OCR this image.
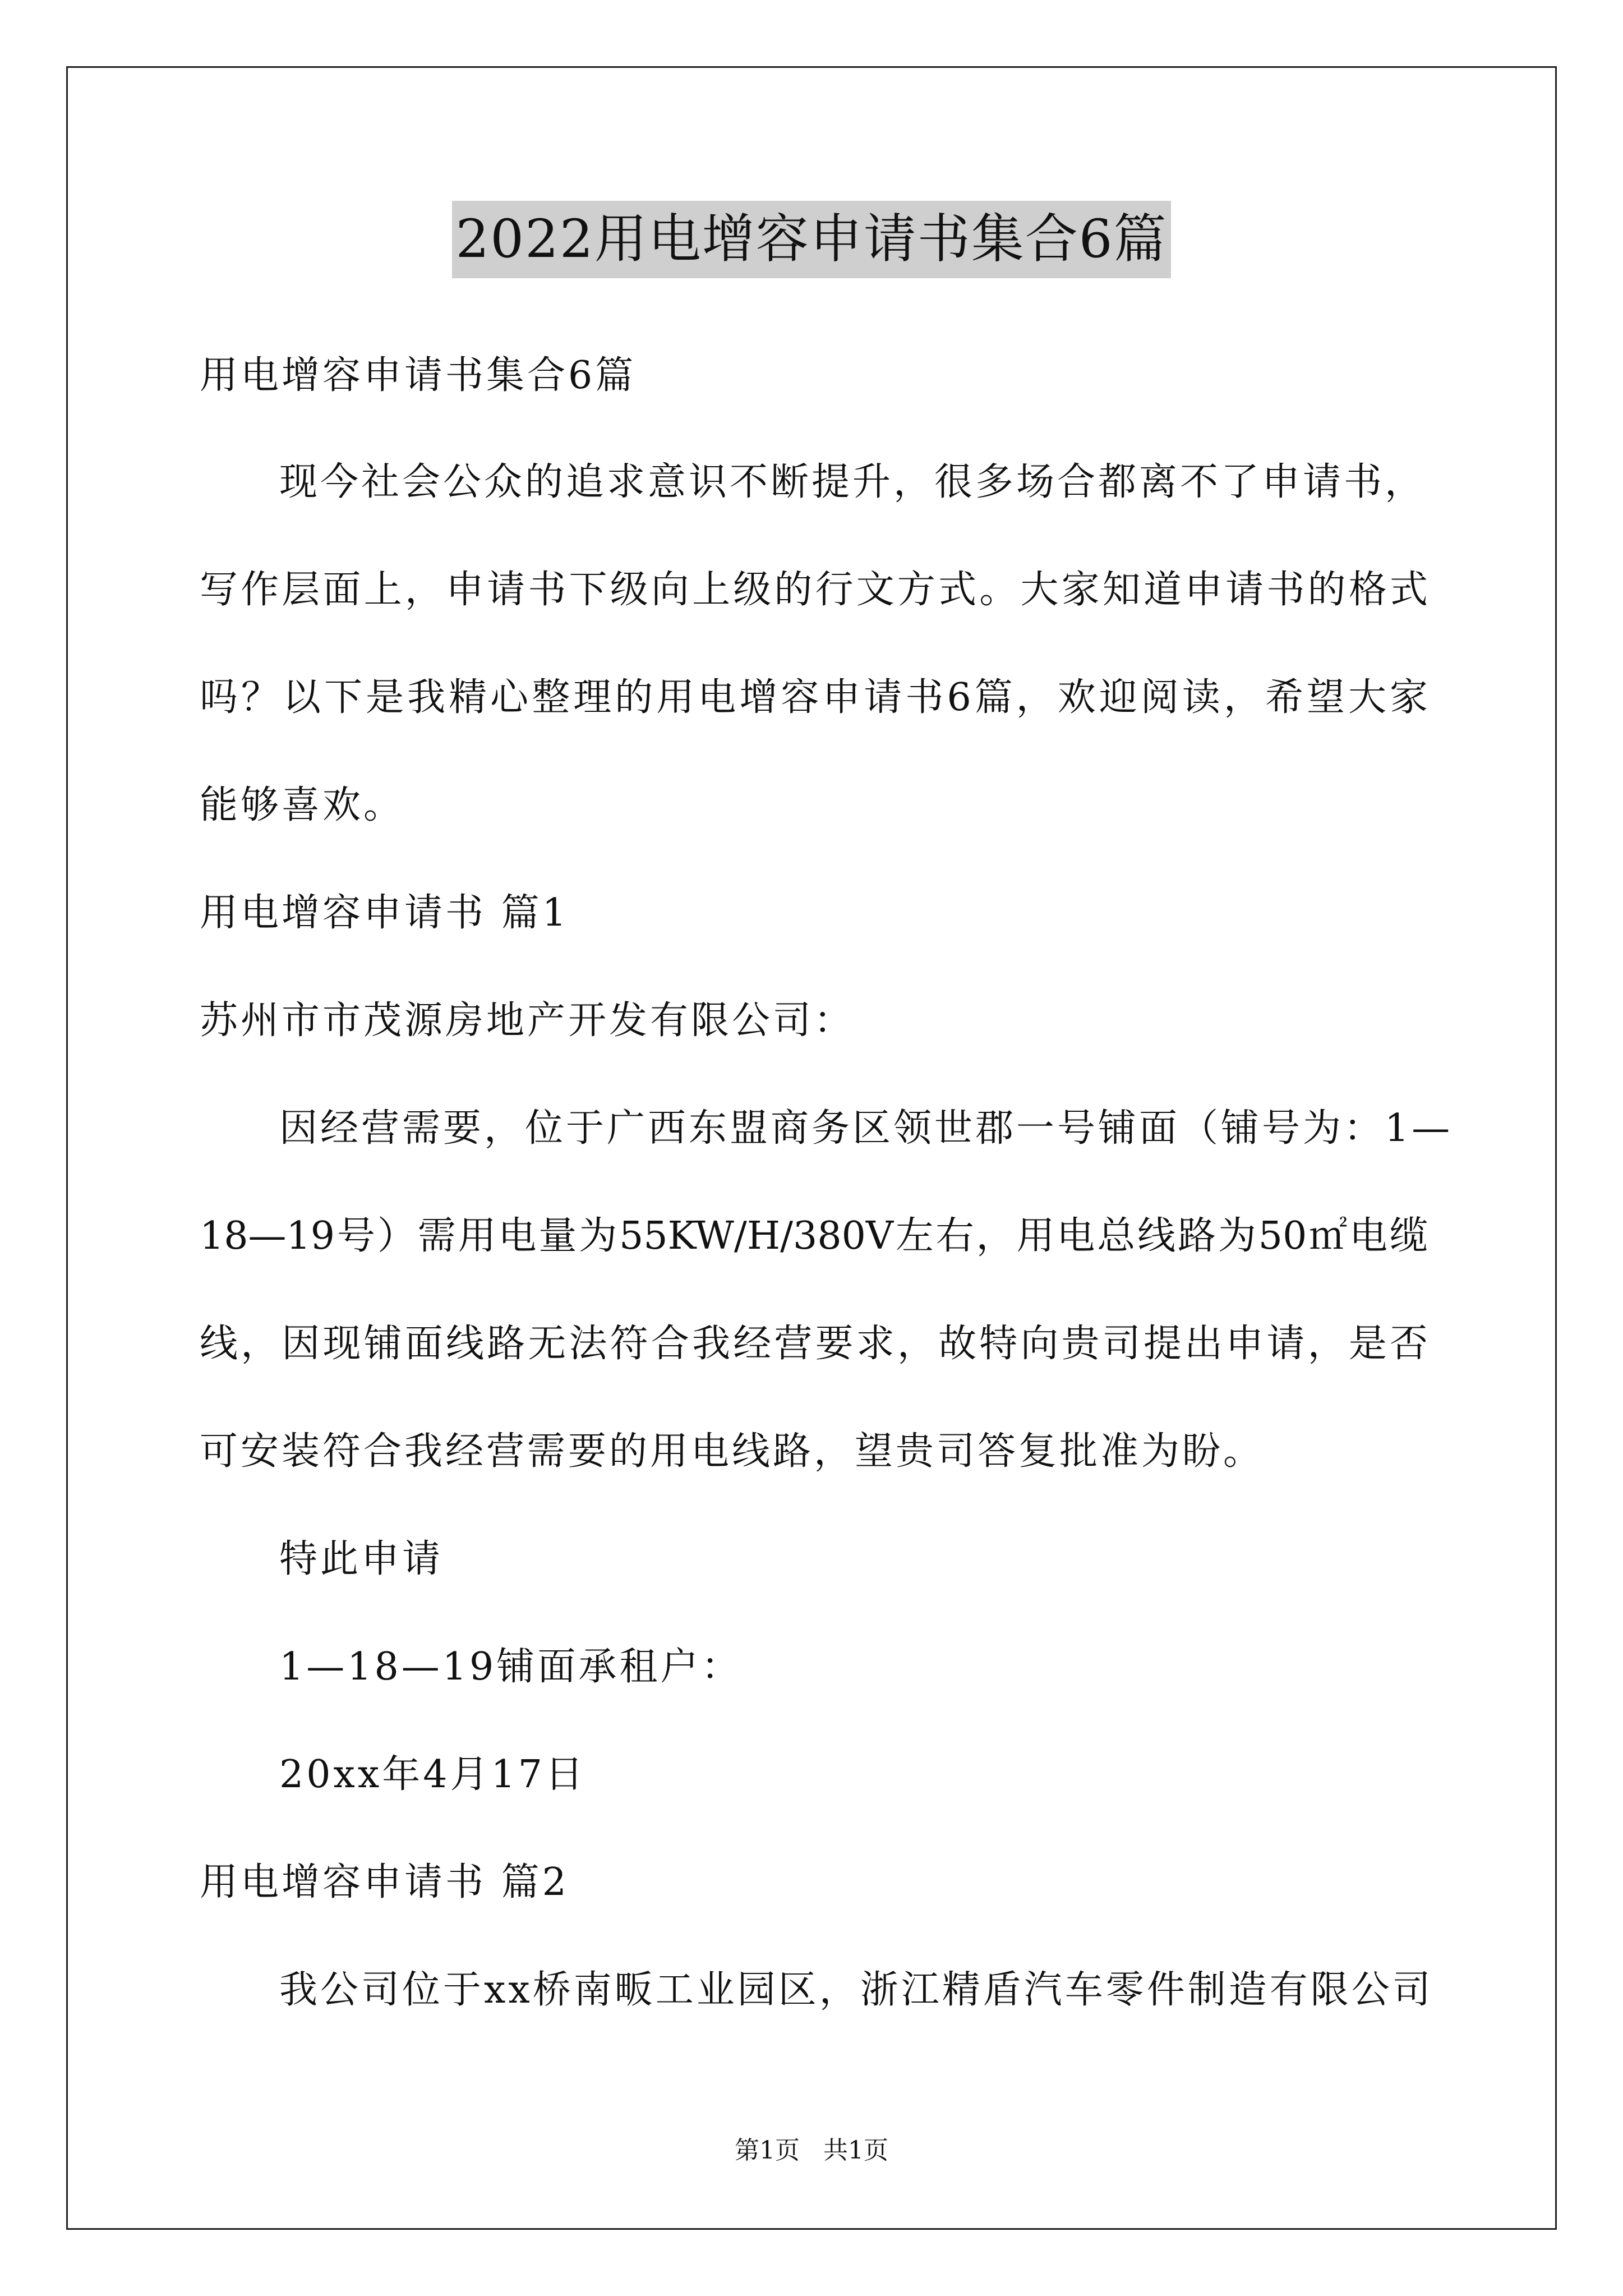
2022用电增容申请书集合6篇
用电增容申请书集合6篇
现今社会公众的追求意识不断提升，很多场合都离不了申请书，
写作层面上，申请书下级向上级的行文方式。大家知道申请书的格式
吗？以下是我精心整理的用电增容申请书6篇，欢迎阅读，希望大家
能够喜欢。
用电增容申请书 篇1
苏州市市茂源房地产开发有限公司：
因经营需要，位于广西东盟商务区领世郡一号铺面（铺号为：1—
18—19号）需用电量为55KW/H/380V左右，用电总线路为50㎡电缆
线，因现铺面线路无法符合我经营要求，故特向贵司提出申请，是否
可安装符合我经营需要的用电线路，望贵司答复批准为盼。
特此申请
1—18—19铺面承租户：
20xx年4月17日
用电增容申请书 篇2
我公司位于xx桥南畈工业园区，浙江精盾汽车零件制造有限公司
第1页   共1页
